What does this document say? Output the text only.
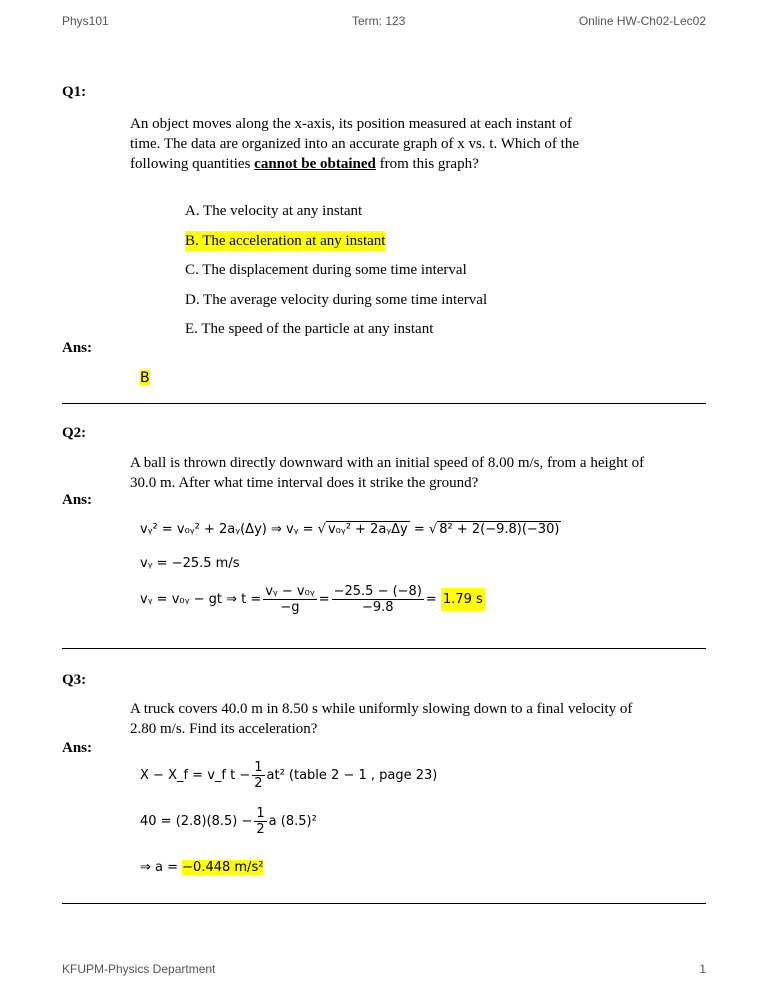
Phys101	Term: 123	Online HW-Ch02-Lec02
Q1:
An object moves along the x-axis, its position measured at each instant of
time. The data are organized into an accurate graph of x vs. t. Which of the
following quantities cannot be obtained from this graph?
A. The velocity at any instant
B. The acceleration at any instant
C. The displacement during some time interval
D. The average velocity during some time interval
E. The speed of the particle at any instant
Ans:
B
Q2:
A ball is thrown directly downward with an initial speed of 8.00 m/s, from a height of
30.0 m. After what time interval does it strike the ground?
Ans:
vᵧ² = v₀ᵧ² + 2aᵧ(Δy) ⇒ vᵧ = √ v₀ᵧ² + 2aᵧΔy = √ 8² + 2(−9.8)(−30)
vᵧ = −25.5 m/s
vᵧ = v₀ᵧ − gt ⇒ $t = \frac{\text{vᵧ − v₀ᵧ}}{-g} = \frac{-25.5 - (-8)}{-9.8} = 1.79$ s
Q3:
A truck covers 40.0 m in 8.50 s while uniformly slowing down to a final velocity of
2.80 m/s. Find its acceleration?
Ans:
X − X_f = v_f $t - \frac{1}{2} at^2$ (table 2 − 1 , page 23)
$40 = (2.8)(8.5) - \frac{1}{2}$ a (8.5)²
⇒ a = −0.448 m/s²
KFUPM-Physics Department	1
